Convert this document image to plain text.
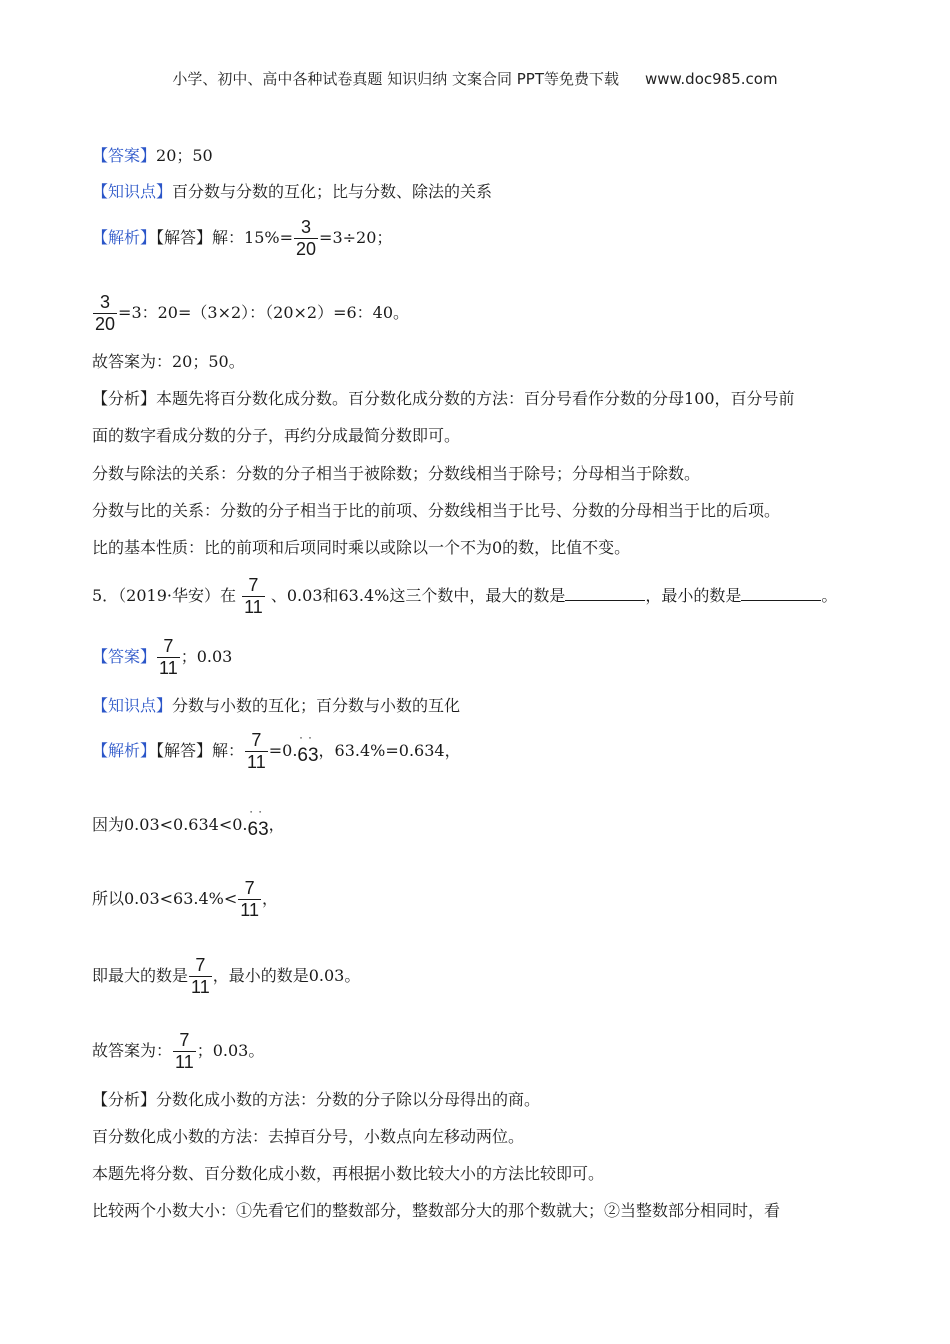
小学、初中、高中各种试卷真题 知识归纳 文案合同 PPT等免费下载 www.doc985.com
【答案】20；50
【知识点】百分数与分数的互化；比与分数、除法的关系
【解析】【解答】解：$15\%= \frac{3}{20} =3\div 20$；
$\frac{3}{20} =3$：20=（3×2）：（20×2）=6：40。
故答案为：20；50。
【分析】本题先将百分数化成分数。百分数化成分数的方法：百分号看作分数的分母100，百分号前
面的数字看成分数的分子，再约分成最简分数即可。
分数与除法的关系：分数的分子相当于被除数；分数线相当于除号；分母相当于除数。
分数与比的关系：分数的分子相当于比的前项、分数线相当于比号、分数的分母相当于比的后项。
比的基本性质：比的前项和后项同时乘以或除以一个不为0的数，比值不变。
5．（2019·华安）在 $\frac{7}{11}$ 、0.03和63.4%这三个数中，最大的数是	，最小的数是	。
【答案】 $\frac{7}{11}$ ；0.03
【知识点】分数与小数的互化；百分数与小数的互化
【解析】【解答】解： $\frac{7}{11} =0$.
··
63，63.4%=0.634，
因为0.03<0.634<0.
··
63，
所以$0.03<63.4\%< \frac{7}{11}$ ，
即最大的数是 $\frac{7}{11}$ ，最小的数是0.03。
故答案为： $\frac{7}{11}$ ；0.03。
【分析】分数化成小数的方法：分数的分子除以分母得出的商。
百分数化成小数的方法：去掉百分号，小数点向左移动两位。
本题先将分数、百分数化成小数，再根据小数比较大小的方法比较即可。
比较两个小数大小：①先看它们的整数部分，整数部分大的那个数就大；②当整数部分相同时，看
